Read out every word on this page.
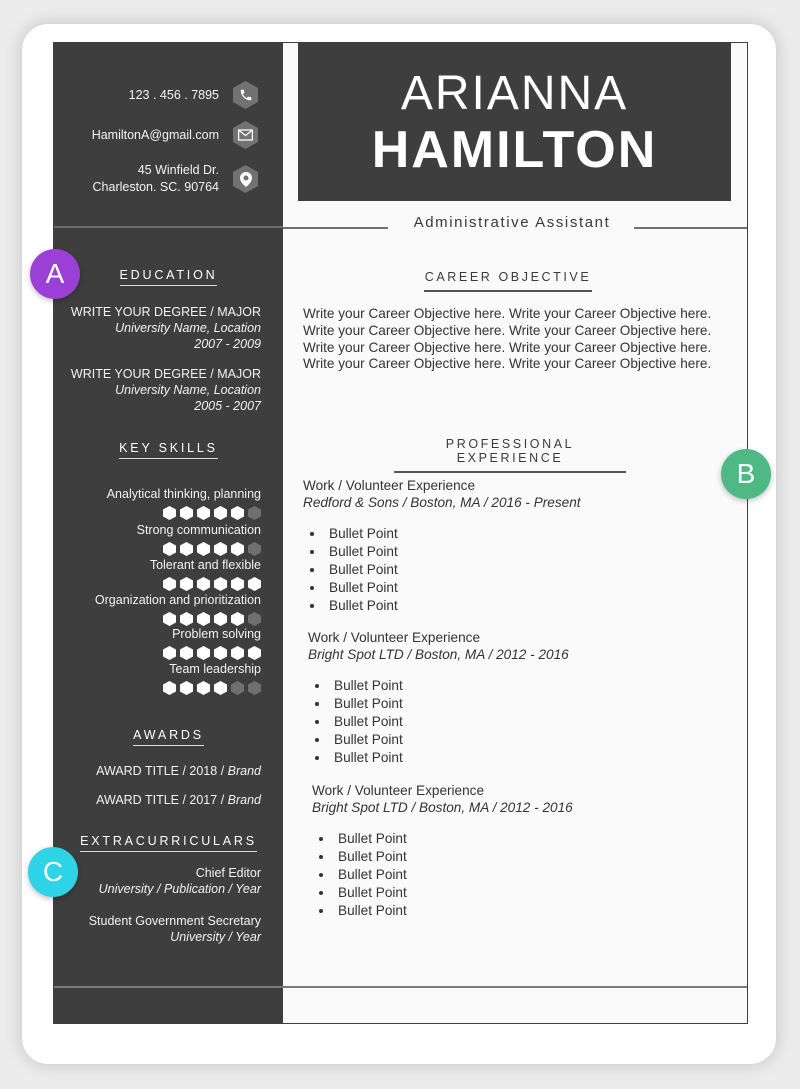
123 . 456 . 7895
HamiltonA@gmail.com
45 Winfield Dr.
Charleston. SC. 90764
EDUCATION
WRITE YOUR DEGREE / MAJOR
University Name, Location
2007 - 2009
WRITE YOUR DEGREE / MAJOR
University Name, Location
2005 - 2007
KEY SKILLS
Analytical thinking, planning
Strong communication
Tolerant and flexible
Organization and prioritization
Problem solving
Team leadership
AWARDS
AWARD TITLE / 2018 / Brand
AWARD TITLE / 2017 / Brand
EXTRACURRICULARS
Chief Editor
University / Publication / Year
Student Government Secretary
University / Year
ARIANNA
HAMILTON
Administrative Assistant
CAREER OBJECTIVE
Write your Career Objective here. Write your Career Objective here. Write your Career Objective here. Write your Career Objective here. Write your Career Objective here. Write your Career Objective here. Write your Career Objective here. Write your Career Objective here.
PROFESSIONAL EXPERIENCE
Work / Volunteer Experience
Redford & Sons / Boston, MA / 2016 - Present
• Bullet Point
• Bullet Point
• Bullet Point
• Bullet Point
• Bullet Point
Work / Volunteer Experience
Bright Spot LTD / Boston, MA / 2012 - 2016
• Bullet Point
• Bullet Point
• Bullet Point
• Bullet Point
• Bullet Point
Work / Volunteer Experience
Bright Spot LTD / Boston, MA / 2012 - 2016
• Bullet Point
• Bullet Point
• Bullet Point
• Bullet Point
• Bullet Point
A
B
C
